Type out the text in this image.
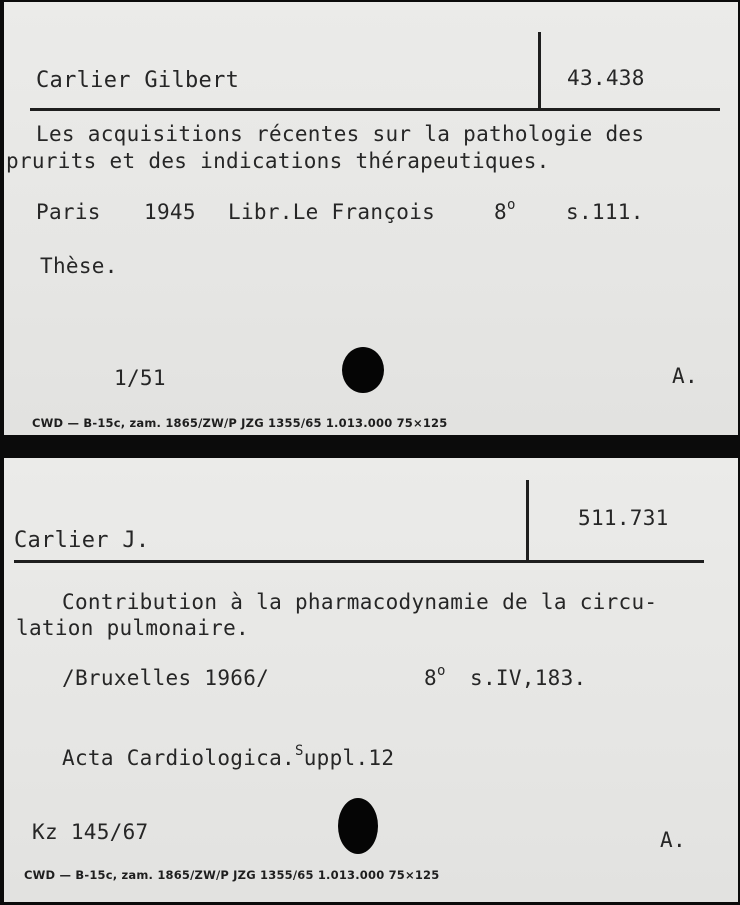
Carlier Gilbert	43.438
Les acquisitions récentes sur la pathologie des
prurits et des indications thérapeutiques.
Paris 1945 Libr.Le François	8$^o$ s.111.
Thèse.
1/51	A.
CWD — B-15c, zam. 1865/ZW/P JZG 1355/65 1.013.000 75×125
Carlier J.
511.731
Contribution à la pharmacodynamie de la circu-
lation pulmonaire.
/Bruxelles 1966/	8$^o$ s.IV,183.
Acta Cardiologica.$^S$uppl.12
Kz 145/67	A.
CWD — B-15c, zam. 1865/ZW/P JZG 1355/65 1.013.000 75×125
